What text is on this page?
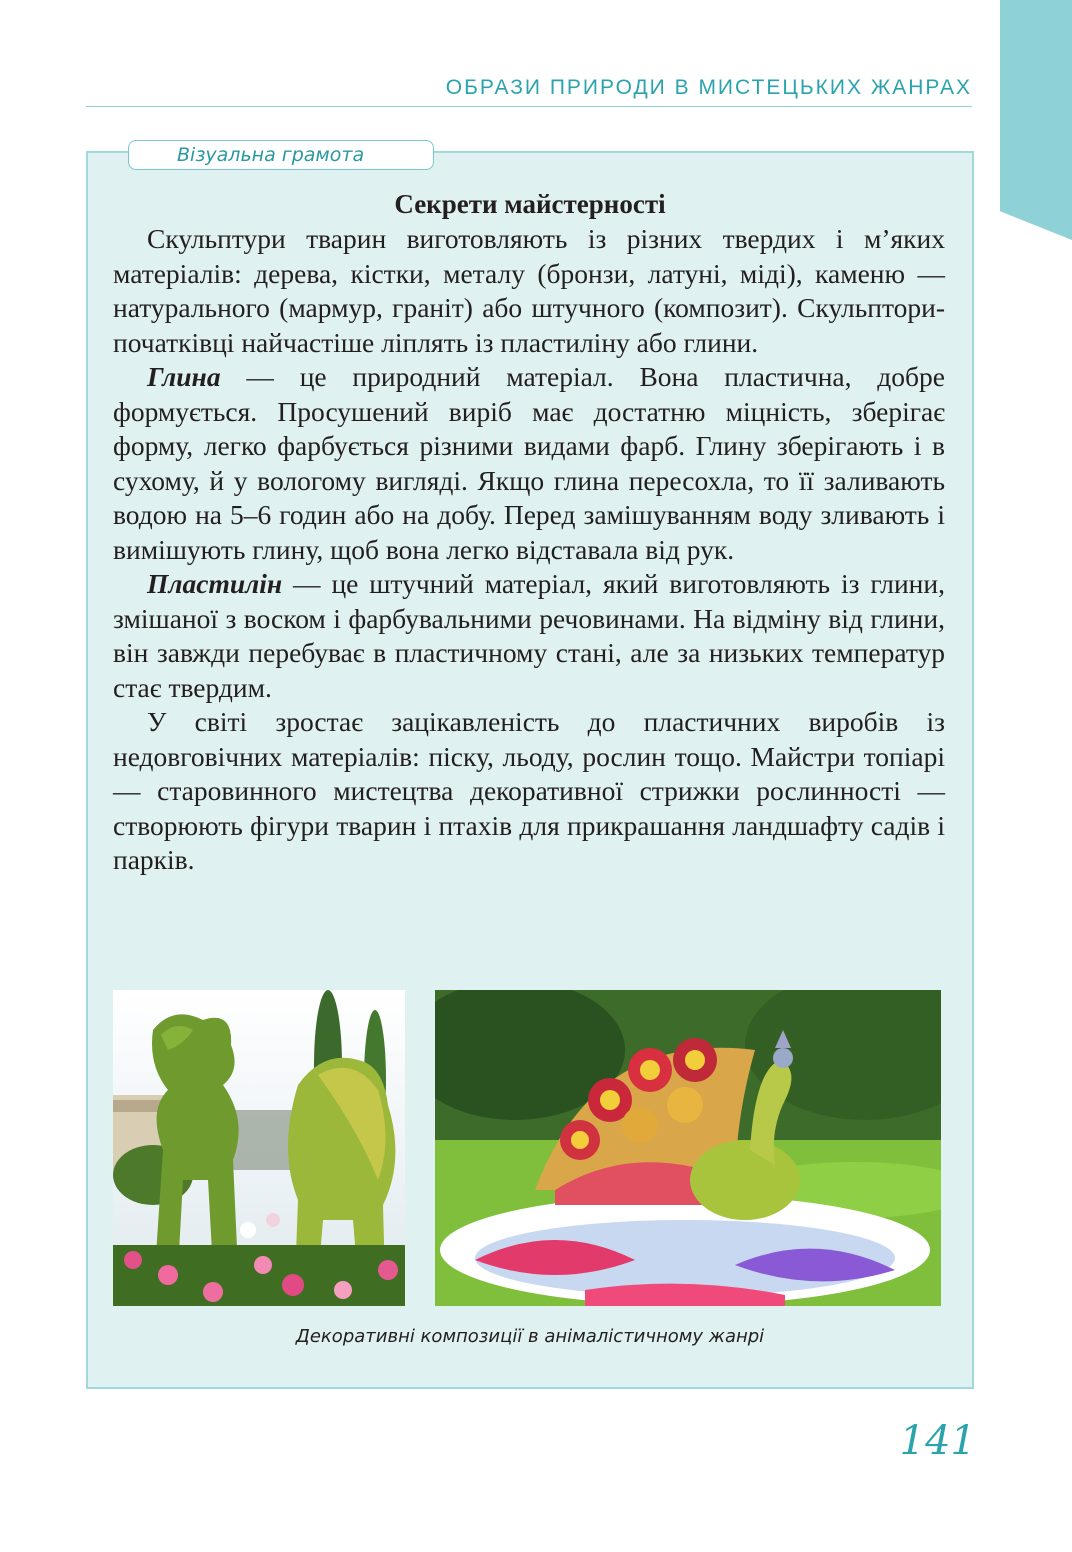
ОБРАЗИ ПРИРОДИ В МИСТЕЦЬКИХ ЖАНРАХ
Візуальна грамота
Секрети майстерності

Скульптури тварин виготовляють із різних твердих і м’яких матеріалів: дерева, кістки, металу (бронзи, латуні, міді), каменю — натурального (мармур, граніт) або штучного (композит). Скульптори-початківці найчастіше ліплять із пластиліну або глини.

Глина — це природний матеріал. Вона пластична, добре формується. Просушений виріб має достатню міцність, зберігає форму, легко фарбується різними видами фарб. Глину зберігають і в сухому, й у вологому вигляді. Якщо глина пересохла, то її заливають водою на 5–6 годин або на добу. Перед замішуванням воду зливають і вимішують глину, щоб вона легко відставала від рук.

Пластилін — це штучний матеріал, який виготовляють із глини, змішаної з воском і фарбувальними речовинами. На відміну від глини, він завжди перебуває в пластичному стані, але за низьких температур стає твердим.

У світі зростає зацікавленість до пластичних виробів із недовговічних матеріалів: піску, льоду, рослин тощо. Майстри топіарі — старовинного мистецтва декоративної стрижки рослинності — створюють фігури тварин і птахів для прикрашання ландшафту садів і парків.

Декоративні композиції в анімалістичному жанрі
141
